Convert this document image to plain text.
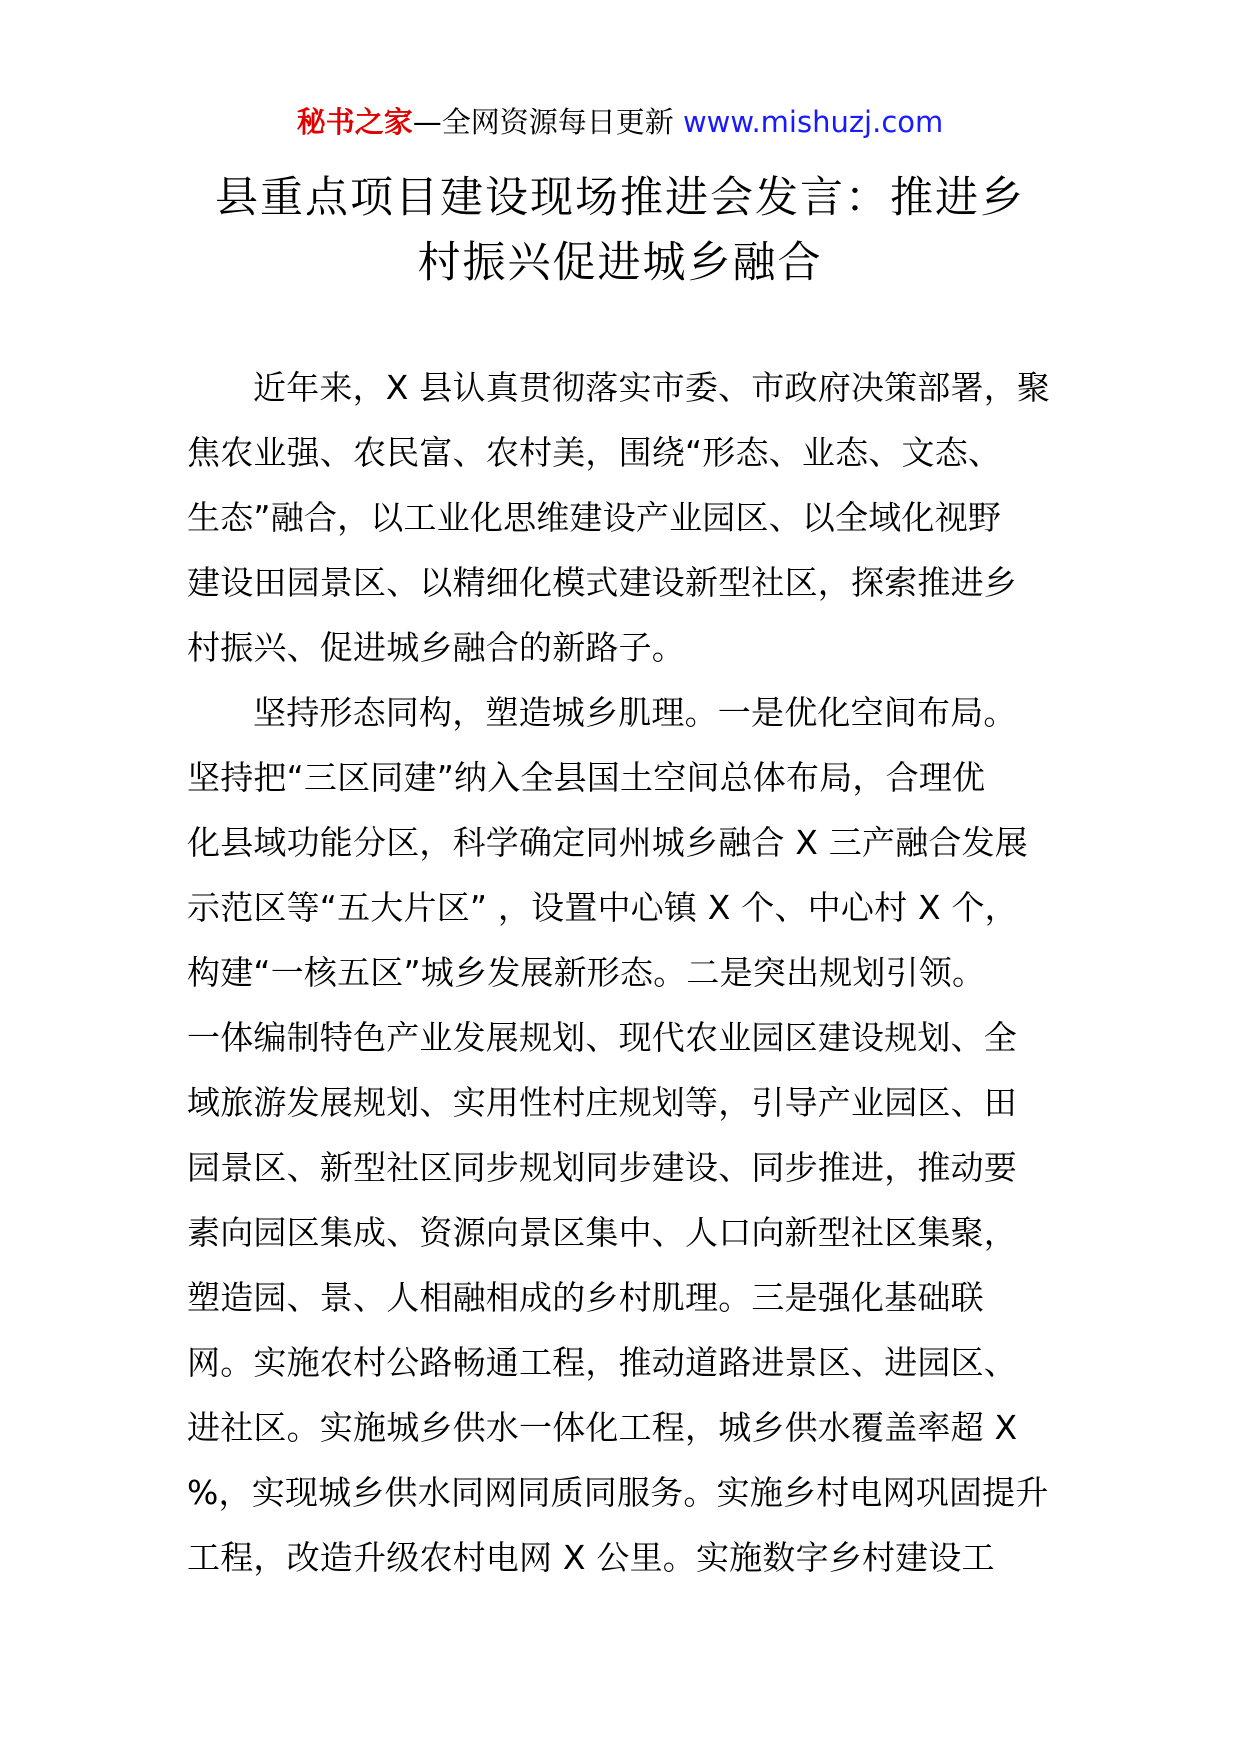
秘书之家—全网资源每日更新 www.mishuzj.com
县重点项目建设现场推进会发言：推进乡
村振兴促进城乡融合
近年来，X 县认真贯彻落实市委、市政府决策部署，聚
焦农业强、农民富、农村美，围绕“形态、业态、文态、
生态”融合，以工业化思维建设产业园区、以全域化视野
建设田园景区、以精细化模式建设新型社区，探索推进乡
村振兴、促进城乡融合的新路子。
坚持形态同构，塑造城乡肌理。一是优化空间布局。
坚持把“三区同建”纳入全县国土空间总体布局，合理优
化县域功能分区，科学确定同州城乡融合 X 三产融合发展
示范区等“五大片区” ，设置中心镇 X 个、中心村 X 个，
构建“一核五区”城乡发展新形态。二是突出规划引领。
一体编制特色产业发展规划、现代农业园区建设规划、全
域旅游发展规划、实用性村庄规划等，引导产业园区、田
园景区、新型社区同步规划同步建设、同步推进，推动要
素向园区集成、资源向景区集中、人口向新型社区集聚，
塑造园、景、人相融相成的乡村肌理。三是强化基础联
网。实施农村公路畅通工程，推动道路进景区、进园区、
进社区。实施城乡供水一体化工程，城乡供水覆盖率超 X
%，实现城乡供水同网同质同服务。实施乡村电网巩固提升
工程，改造升级农村电网 X 公里。实施数字乡村建设工
